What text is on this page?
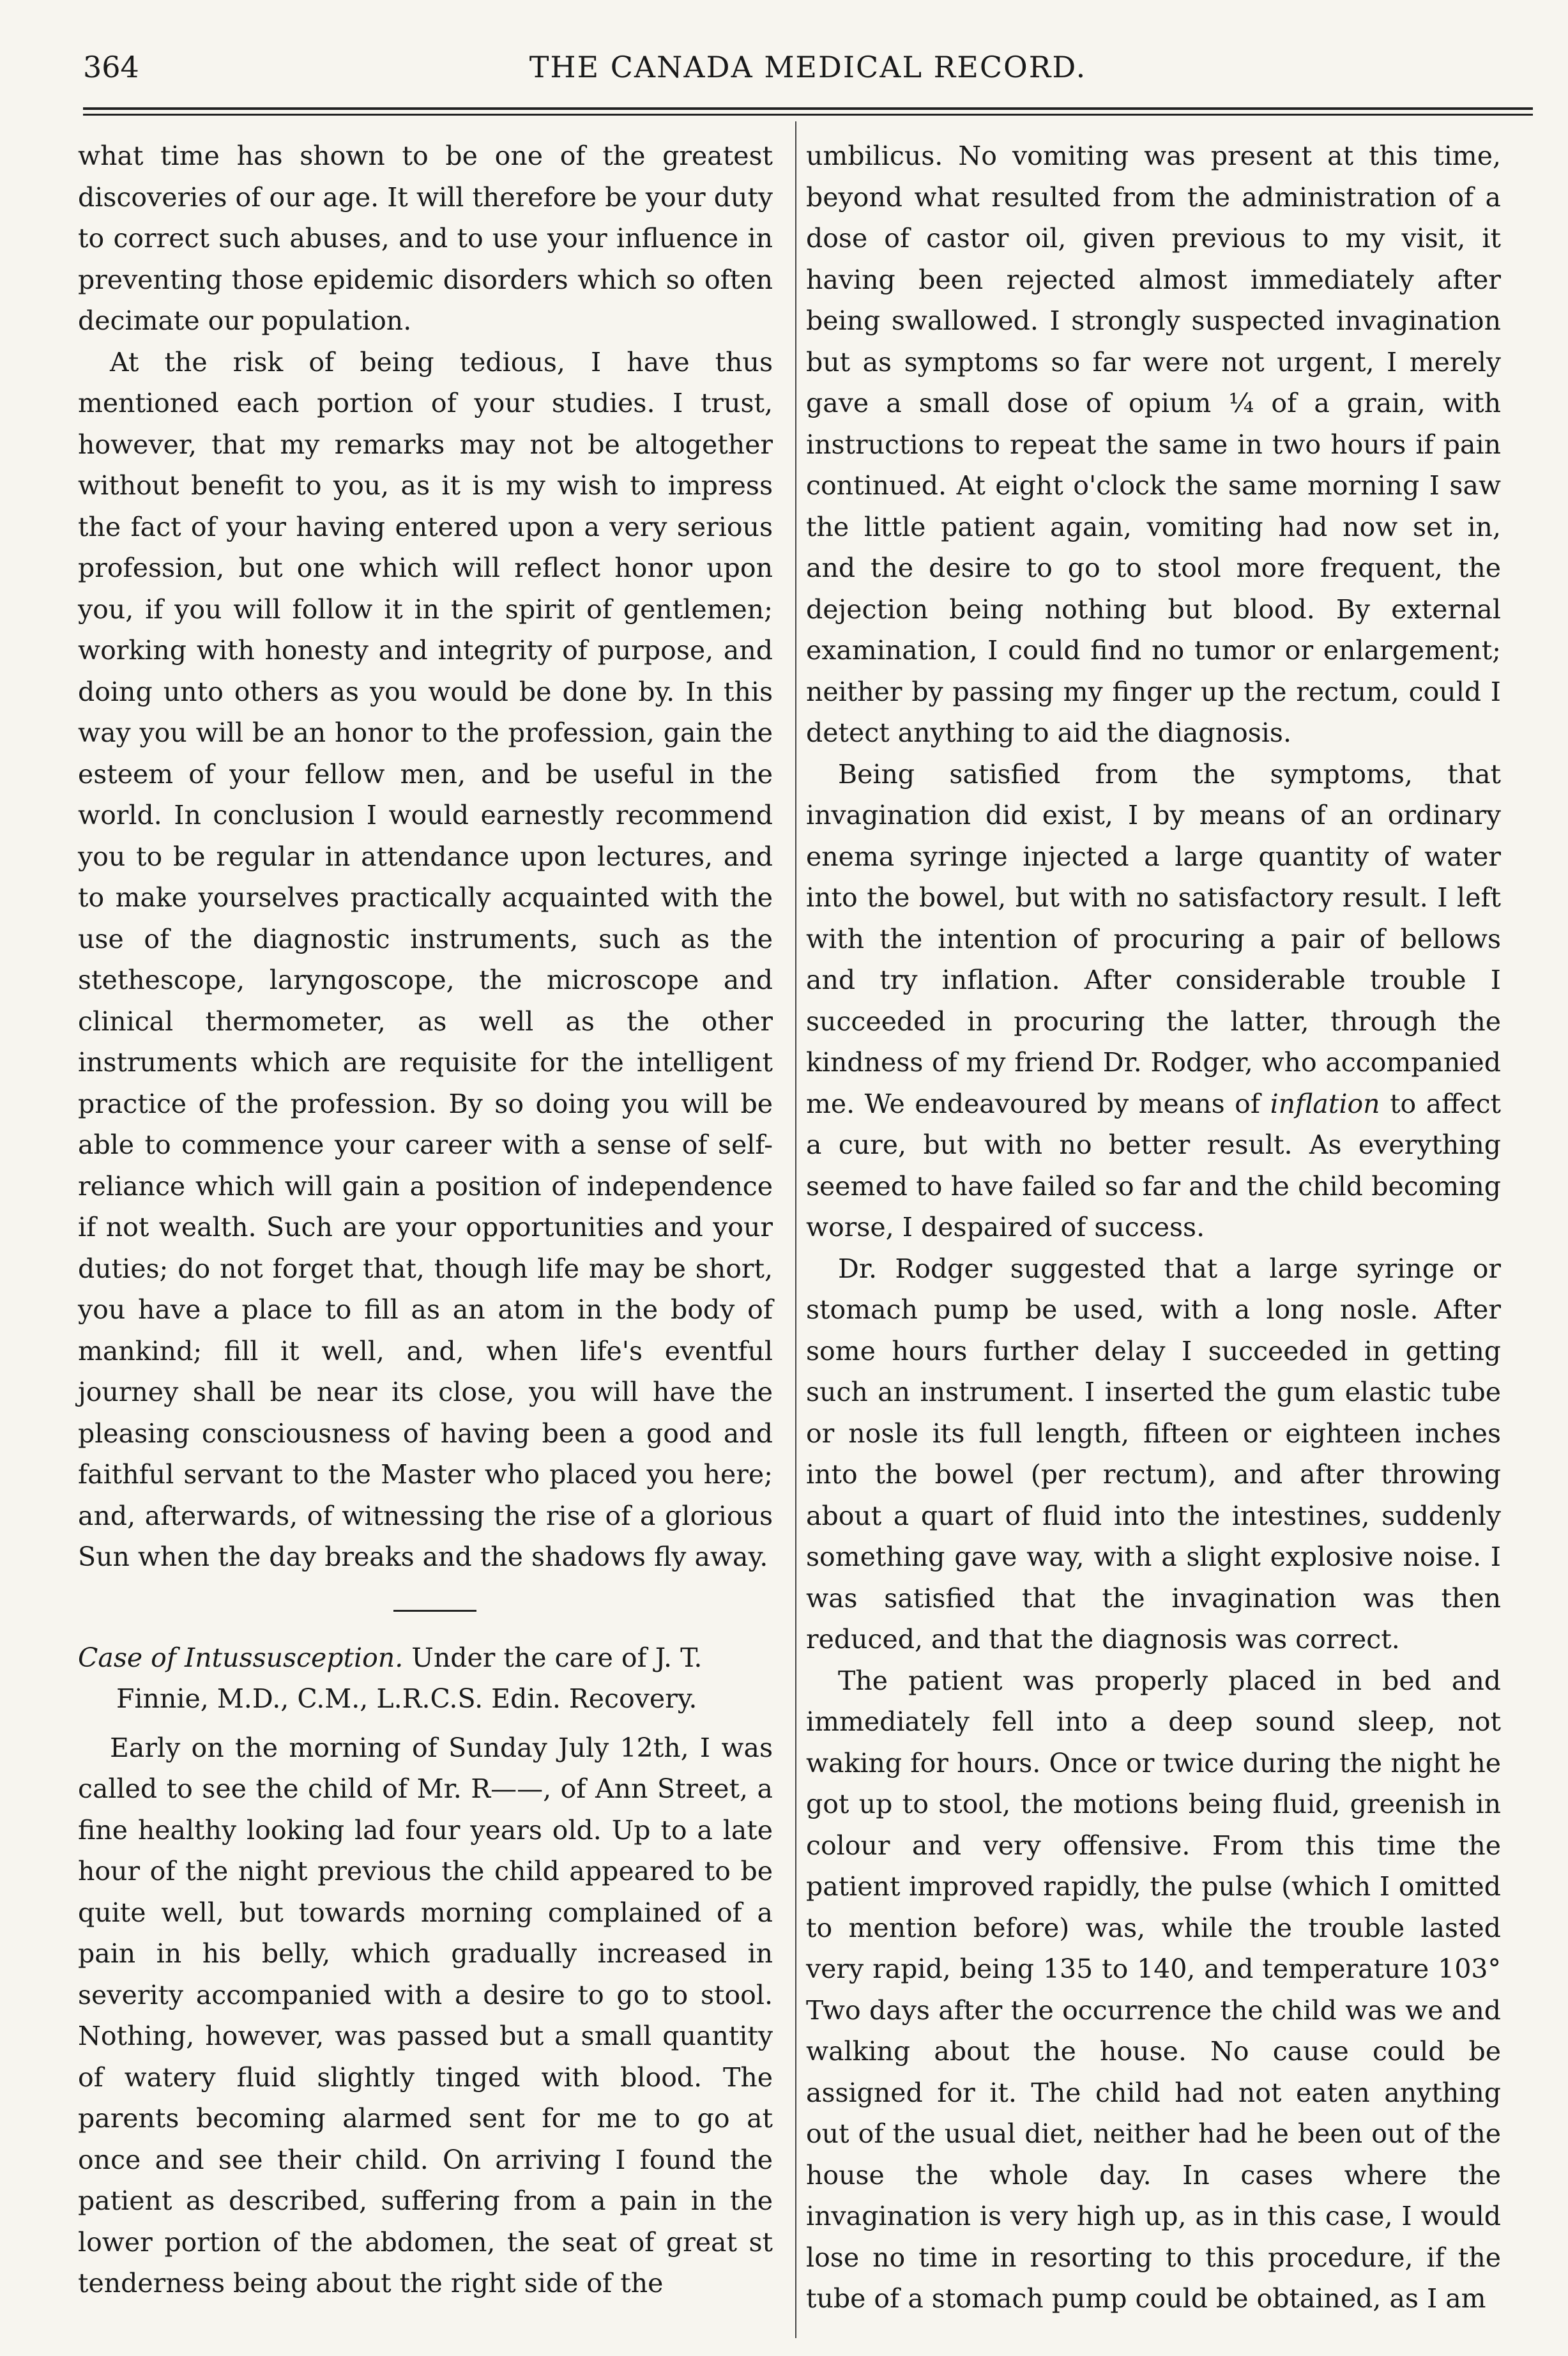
364	THE CANADA MEDICAL RECORD.

what time has shown to be one of the greatest discoveries of our age. It will therefore be your duty to correct such abuses, and to use your influence in preventing those epidemic disorders which so often decimate our population.

At the risk of being tedious, I have thus mentioned each portion of your studies. I trust, however, that my remarks may not be altogether without benefit to you, as it is my wish to impress the fact of your having entered upon a very serious profession, but one which will reflect honor upon you, if you will follow it in the spirit of gentlemen; working with honesty and integrity of purpose, and doing unto others as you would be done by. In this way you will be an honor to the profession, gain the esteem of your fellow men, and be useful in the world. In conclusion I would earnestly recommend you to be regular in attendance upon lectures, and to make yourselves practically acquainted with the use of the diagnostic instruments, such as the stethescope, laryngoscope, the microscope and clinical thermometer, as well as the other instruments which are requisite for the intelligent practice of the profession. By so doing you will be able to commence your career with a sense of self-reliance which will gain a position of independence if not wealth. Such are your opportunities and your duties; do not forget that, though life may be short, you have a place to fill as an atom in the body of mankind; fill it well, and, when life's eventful journey shall be near its close, you will have the pleasing consciousness of having been a good and faithful servant to the Master who placed you here; and, afterwards, of witnessing the rise of a glorious Sun when the day breaks and the shadows fly away.

Case of Intussusception. Under the care of J. T.

Finnie, M.D., C.M., L.R.C.S. Edin. Recovery.

Early on the morning of Sunday July 12th, I was called to see the child of Mr. R——, of Ann Street, a fine healthy looking lad four years old. Up to a late hour of the night previous the child appeared to be quite well, but towards morning complained of a pain in his belly, which gradually increased in severity accompanied with a desire to go to stool. Nothing, however, was passed but a small quantity of watery fluid slightly tinged with blood. The parents becoming alarmed sent for me to go at once and see their child. On arriving I found the patient as described, suffering from a pain in the lower portion of the abdomen, the seat of great st tenderness being about the right side of the

umbilicus. No vomiting was present at this time, beyond what resulted from the administration of a dose of castor oil, given previous to my visit, it having been rejected almost immediately after being swallowed. I strongly suspected invagination but as symptoms so far were not urgent, I merely gave a small dose of opium ¼ of a grain, with instructions to repeat the same in two hours if pain continued. At eight o'clock the same morning I saw the little patient again, vomiting had now set in, and the desire to go to stool more frequent, the dejection being nothing but blood. By external examination, I could find no tumor or enlargement; neither by passing my finger up the rectum, could I detect anything to aid the diagnosis.

Being satisfied from the symptoms, that invagination did exist, I by means of an ordinary enema syringe injected a large quantity of water into the bowel, but with no satisfactory result. I left with the intention of procuring a pair of bellows and try inflation. After considerable trouble I succeeded in procuring the latter, through the kindness of my friend Dr. Rodger, who accompanied me. We endeavoured by means of inflation to affect a cure, but with no better result. As everything seemed to have failed so far and the child becoming worse, I despaired of success.

Dr. Rodger suggested that a large syringe or stomach pump be used, with a long nosle. After some hours further delay I succeeded in getting such an instrument. I inserted the gum elastic tube or nosle its full length, fifteen or eighteen inches into the bowel (per rectum), and after throwing about a quart of fluid into the intestines, suddenly something gave way, with a slight explosive noise. I was satisfied that the invagination was then reduced, and that the diagnosis was correct.

The patient was properly placed in bed and immediately fell into a deep sound sleep, not waking for hours. Once or twice during the night he got up to stool, the motions being fluid, greenish in colour and very offensive. From this time the patient improved rapidly, the pulse (which I omitted to mention before) was, while the trouble lasted very rapid, being 135 to 140, and temperature 103° Two days after the occurrence the child was we and walking about the house. No cause could be assigned for it. The child had not eaten anything out of the usual diet, neither had he been out of the house the whole day. In cases where the invagination is very high up, as in this case, I would lose no time in resorting to this procedure, if the tube of a stomach pump could be obtained, as I am
